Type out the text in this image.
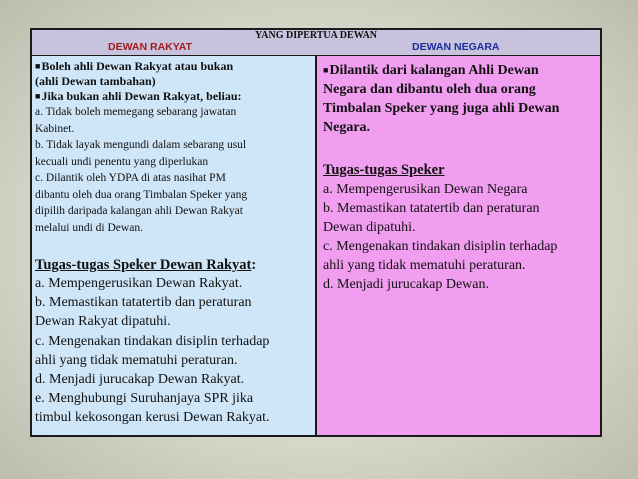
YANG DIPERTUA DEWAN
DEWAN RAKYAT	DEWAN NEGARA
■Boleh ahli Dewan Rakyat atau bukan
(ahli Dewan tambahan)
■Jika bukan ahli Dewan Rakyat, beliau:
a. Tidak boleh memegang sebarang jawatan
Kabinet.
b. Tidak layak mengundi dalam sebarang usul
kecuali undi penentu yang diperlukan
c. Dilantik oleh YDPA di atas nasihat PM
dibantu oleh dua orang Timbalan Speker yang
dipilih daripada kalangan ahli Dewan Rakyat
melalui undi di Dewan.
Tugas-tugas Speker Dewan Rakyat:
a. Mempengerusikan Dewan Rakyat.
b. Memastikan tatatertib dan peraturan
Dewan Rakyat dipatuhi.
c. Mengenakan tindakan disiplin terhadap
ahli yang tidak mematuhi peraturan.
d. Menjadi jurucakap Dewan Rakyat.
e. Menghubungi Suruhanjaya SPR jika
timbul kekosongan kerusi Dewan Rakyat.
■Dilantik dari kalangan Ahli Dewan
Negara dan dibantu oleh dua orang
Timbalan Speker yang juga ahli Dewan
Negara.
Tugas-tugas Speker
a. Mempengerusikan Dewan Negara
b. Memastikan tatatertib dan peraturan
Dewan dipatuhi.
c. Mengenakan tindakan disiplin terhadap
ahli yang tidak mematuhi peraturan.
d. Menjadi jurucakap Dewan.
